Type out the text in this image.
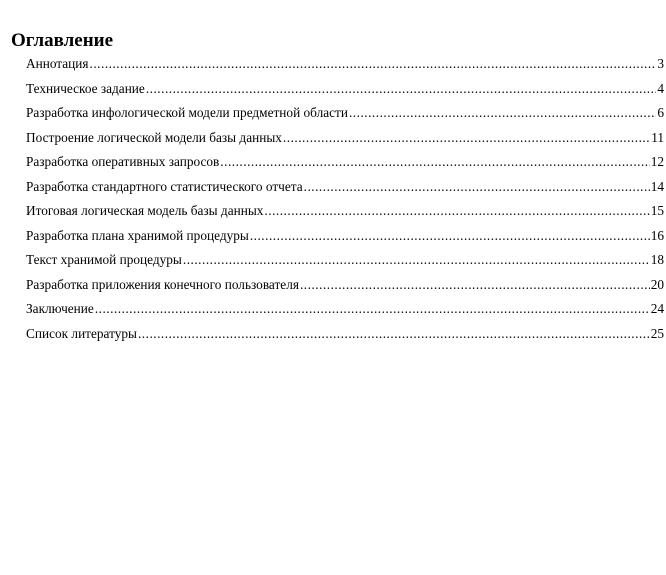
Оглавление
Аннотация .....	3
Техническое задание .....	4
Разработка инфологической модели предметной области .....	6
Построение логической модели базы данных .....	11
Разработка оперативных запросов .....	12
Разработка стандартного статистического отчета .....	14
Итоговая логическая модель базы данных .....	15
Разработка плана хранимой процедуры .....	16
Текст хранимой процедуры .....	18
Разработка приложения конечного пользователя .....	20
Заключение .....	24
Список литературы .....	25
